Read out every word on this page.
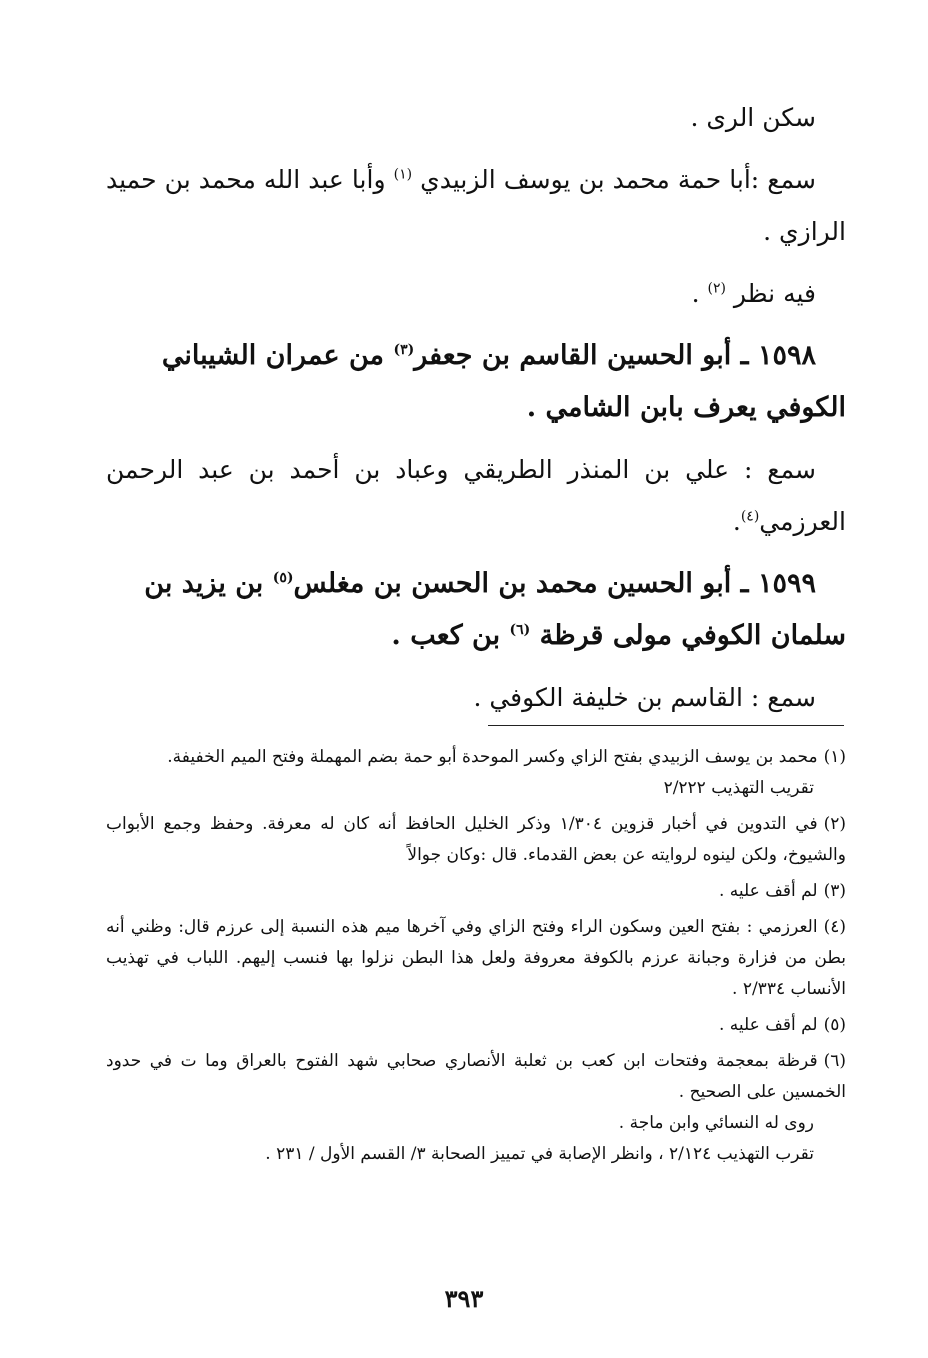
سكن الرى .

سمع :أبا حمة محمد بن يوسف الزبيدي $^{(١)}$ وأبا عبد الله محمد بن حميد الرازي .

فيه نظر $^{(٢)}$ .

١٥٩٨ ـ أبو الحسين القاسم بن جعفر$^{(٣)}$ من عمران الشيباني الكوفي يعرف بابن الشامي .

سمع : علي بن المنذر الطريقي وعباد بن أحمد بن عبد الرحمن العرزمي$^{(٤)}$.

١٥٩٩ ـ أبو الحسين محمد بن الحسن بن مغلس$^{(٥)}$ بن يزيد بن سلمان الكوفي مولى قرظة $^{(٦)}$ بن كعب .

سمع : القاسم بن خليفة الكوفي .

(١)محمد بن يوسف الزبيدي بفتح الزاي وكسر الموحدة أبو حمة بضم المهملة وفتح الميم الخفيفة.
تقريب التهذيب ٢/٢٢٢
(٢)في التدوين في أخبار قزوين ١/٣٠٤ وذكر الخليل الحافظ أنه كان له معرفة. وحفظ وجمع الأبواب والشيوخ، ولكن لينوه لروايته عن بعض القدماء. قال :وكان جوالاً
(٣)لم أقف عليه .
(٤)العرزمي : بفتح العين وسكون الراء وفتح الزاي وفي آخرها ميم هذه النسبة إلى عرزم قال: وظني أنه بطن من فزارة وجبانة عرزم بالكوفة معروفة ولعل هذا البطن نزلوا بها فنسب إليهم. اللباب في تهذيب الأنساب ٢/٣٣٤ .
(٥)لم أقف عليه .
(٦)قرظة بمعجمة وفتحات ابن كعب بن ثعلبة الأنصاري صحابي شهد الفتوح بالعراق وما ت في حدود الخمسين على الصحيح .
روى له النسائي وابن ماجة .
تقرب التهذيب ٢/١٢٤ ، وانظر الإصابة في تمييز الصحابة ٣/ القسم الأول / ٢٣١ .
٣٩٣
